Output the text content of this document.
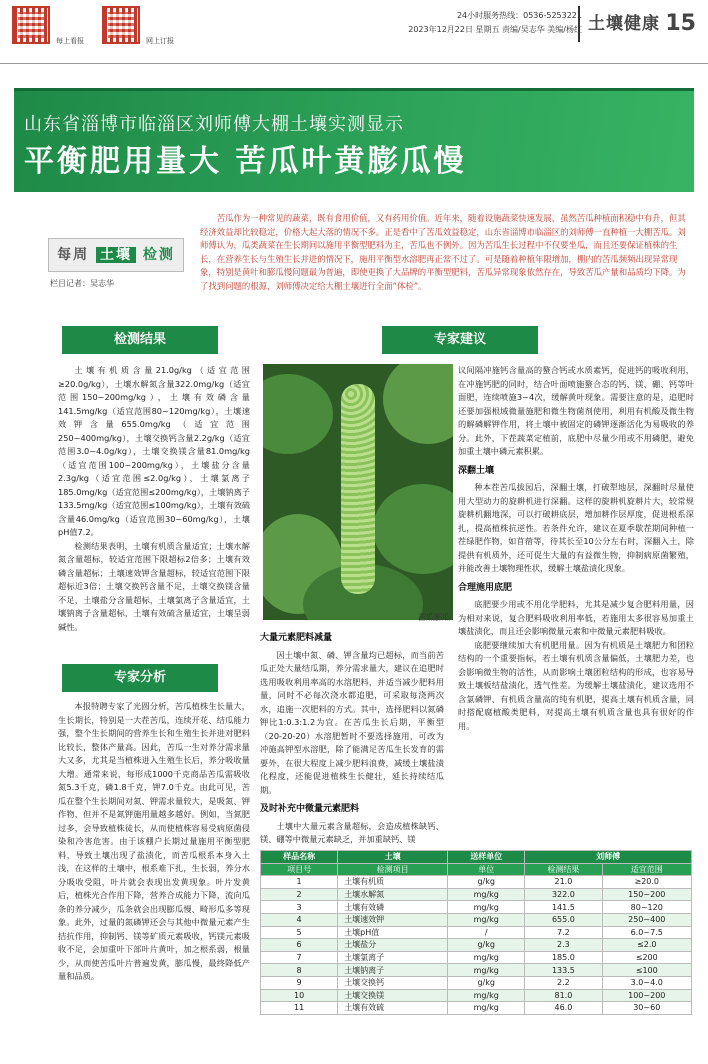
每上看报	网上订报
24小时服务热线：0536-5253221
2023年12月22日 星期五 责编/吴志华 美编/杨红 土壤健康 15
山东省淄博市临淄区刘师傅大棚土壤实测显示
平衡肥用量大 苦瓜叶黄膨瓜慢
每周 土壤 检测
栏目记者：吴志华
苦瓜作为一种常见的蔬菜，既有食用价值，又有药用价值。近年来，随着设施蔬菜快速发展，虽然苦瓜种植面积稳中有升，但其经济效益却比较稳定，价格大起大落的情况不多。正是看中了苦瓜效益稳定，山东省淄博市临淄区的刘师傅一直种植一大棚苦瓜。刘师傅认为，瓜类蔬菜在生长期间以施用平衡型肥料为主，苦瓜也不例外。因为苦瓜生长过程中不仅要坐瓜，而且还要保证植株的生长，在营养生长与生殖生长并进的情况下，施用平衡型水溶肥再正常不过了。可是随着种植年限增加，棚内的苦瓜频频出现异常现象，特别是黄叶和膨瓜慢问题最为普遍，即使更换了大品牌的平衡型肥料，苦瓜异常现象依然存在，导致苦瓜产量和品质均下降。为了找到问题的根源，刘师傅决定给大棚土壤进行全面“体检”。
检测结果	专家建议
专家分析

土壤有机质含量21.0g/kg（适宜范围≥20.0g/kg），土壤水解氮含量322.0mg/kg（适宜范围150~200mg/kg），土壤有效磷含量141.5mg/kg（适宜范围80~120mg/kg），土壤速效钾含量655.0mg/kg（适宜范围250~400mg/kg），土壤交换钙含量2.2g/kg（适宜范围3.0~4.0g/kg），土壤交换镁含量81.0mg/kg（适宜范围100~200mg/kg），土壤盐分含量2.3g/kg（适宜范围≤2.0g/kg），土壤氯离子185.0mg/kg（适宜范围≤200mg/kg），土壤钠离子133.5mg/kg（适宜范围≤100mg/kg），土壤有效硫含量46.0mg/kg（适宜范围30~60mg/kg），土壤pH值7.2。

检测结果表明，土壤有机质含量适宜；土壤水解氮含量超标，较适宜范围下限超标2倍多；土壤有效磷含量超标；土壤速效钾含量超标，较适宜范围下限超标近3倍；土壤交换钙含量不足，土壤交换镁含量不足，土壤盐分含量超标，土壤氯离子含量适宜，土壤钠离子含量超标，土壤有效硫含量适宜，土壤呈弱碱性。

本报特聘专家了光圆分析，苦瓜植株生长量大，生长期长，特别是一大茬苦瓜，连续开花、结瓜能力强，整个生长期间的营养生长和生殖生长并进对肥料比较长，整体产量高。因此，苦瓜一生对养分需求量大又多，尤其是当植株进入生殖生长后，养分吸收量大增。通常来说，每形成1000千克商品苦瓜需吸收氮5.3千克，磷1.8千克，钾7.0千克。由此可见，苦瓜在整个生长期间对氮、钾需求量较大，是吸氮、钾作物，但并不是氮钾施用量越多越好。例如，当氮肥过多，会导致植株徒长，从而使植株容易受病原菌侵染和冷害危害。由于该棚户长期过量施用平衡型肥料，导致土壤出现了盐渍化，而苦瓜根系本身入土浅，在这样的土壤中，根系难下扎，生长弱，养分水分吸收受阻，叶片就会表现出发黄现象。叶片发黄后，植株光合作用下降，营养合成能力下降，流向瓜条的养分减少，瓜条就会出现膨瓜慢、畸形瓜多等现象。此外，过量的氮磷钾还会与其他中微量元素产生拮抗作用，抑制钙、镁等矿质元素吸收，钙镁元素吸收不足，会加重叶下部叶片黄叶，加之根系弱，根量少，从而使苦瓜叶片普遍发黄，膨瓜慢，最终降低产量和品质。

苦瓜膨瓜
大量元素肥料减量

因土壤中氮、磷、钾含量均已超标，而当前苦瓜正处大量结瓜期，养分需求量大，建议在追肥时选用吸收利用率高的水溶肥料，并适当减少肥料用量，同时不必每次浇水都追肥，可采取每浇两次水，追施一次肥料的方式。其中，选择肥料以氮磷钾比1:0.3:1.2为宜。在苦瓜生长后期，平衡型（20-20-20）水溶肥暂时不要选择施用，可改为冲施高钾型水溶肥，除了能满足苦瓜生长发育的需要外，在很大程度上减少肥料浪费，减缓土壤盐渍化程度，还能促进植株生长健壮，延长持续结瓜期。

及时补充中微量元素肥料

土壤中大量元素含量超标，会造成植株缺钙、镁、硼等中微量元素缺乏，并加重缺钙、镁

议间隔冲施钙含量高的螯合钙或水质素钙，促进钙的吸收利用，在冲施钙肥的同时，结合叶面喷施螯合态的钙、镁、硼、钙等叶面肥，连续喷施3~4次，缓解黄叶现象。需要注意的是，追肥时还要加强根域微量施肥和微生物菌剂使用，利用有机酸及微生物的解磷解钾作用，将土壤中被固定的磷钾逐渐活化为易吸收的养分。此外，下茬蔬菜定植前，底肥中尽量少用或不用磷肥，避免加重土壤中磷元素积累。

深翻土壤

种本茬苦瓜拔园后，深翻土壤，打破犁地层，深翻时尽量使用大型动力的旋耕机进行深翻。这样的旋耕机旋耕片大，较常规旋耕机翻地深，可以打破耕底层，增加耕作层厚度，促进根系深扎，提高植株抗逆性。若条件允许，建议在夏季歇茬期间种植一茬绿肥作物，如苜蓿等，待其长至10公分左右时，深翻入土，除提供有机质外，还可促生大量的有益微生物，抑制病原菌繁殖，并能改善土壤物理性状，缓解土壤盐渍化现象。

合理施用底肥

底肥要少用或不用化学肥料，尤其是减少复合肥料用量，因为相对来说，复合肥料吸收利用率低，若施用太多很容易加重土壤盐渍化，而且还会影响微量元素和中微量元素肥料吸收。

底肥要继续加大有机肥用量。因为有机质是土壤肥力和团粒结构的一个重要指标，若土壤有机质含量偏低，土壤肥力差，也会影响微生物的活性，从而影响土壤团粒结构的形成，也容易导致土壤板结盐渍化，透气性差。为缓解土壤盐渍化，建议选用不含氯磷钾、有机质含量高的纯有机肥，提高土壤有机质含量，同时搭配腐植酸类肥料，对提高土壤有机质含量也具有很好的作用。

样品名称	土壤	送样单位	刘师傅	
项目号	检测项目	单位	检测结果	适宜范围
1	土壤有机质	g/kg	21.0	≥20.0
2	土壤水解氮	mg/kg	322.0	150~200
3	土壤有效磷	mg/kg	141.5	80~120
4	土壤速效钾	mg/kg	655.0	250~400
5	土壤pH值	/	7.2	6.0~7.5
6	土壤盐分	g/kg	2.3	≤2.0
7	土壤氯离子	mg/kg	185.0	≤200
8	土壤钠离子	mg/kg	133.5	≤100
9	土壤交换钙	g/kg	2.2	3.0~4.0
10	土壤交换镁	mg/kg	81.0	100~200
11	土壤有效硫	mg/kg	46.0	30~60
